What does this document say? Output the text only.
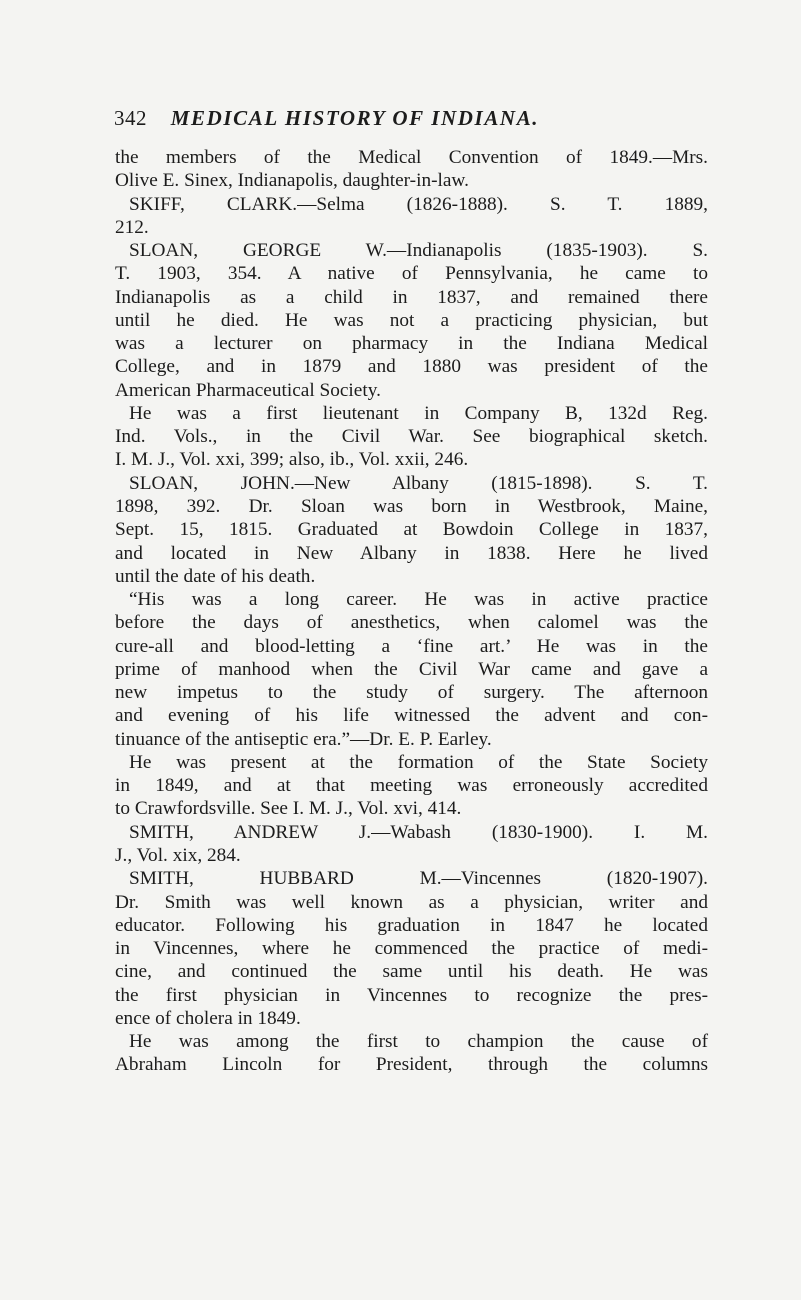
342 MEDICAL HISTORY OF INDIANA.
the members of the Medical Convention of 1849.—Mrs.
Olive E. Sinex, Indianapolis, daughter-in-law.
SKIFF, CLARK.—Selma (1826-1888). S. T. 1889,
212.
SLOAN, GEORGE W.—Indianapolis (1835-1903). S.
T. 1903, 354. A native of Pennsylvania, he came to
Indianapolis as a child in 1837, and remained there
until he died. He was not a practicing physician, but
was a lecturer on pharmacy in the Indiana Medical
College, and in 1879 and 1880 was president of the
American Pharmaceutical Society.
He was a first lieutenant in Company B, 132d Reg.
Ind. Vols., in the Civil War. See biographical sketch.
I. M. J., Vol. xxi, 399; also, ib., Vol. xxii, 246.
SLOAN, JOHN.—New Albany (1815-1898). S. T.
1898, 392. Dr. Sloan was born in Westbrook, Maine,
Sept. 15, 1815. Graduated at Bowdoin College in 1837,
and located in New Albany in 1838. Here he lived
until the date of his death.
“His was a long career. He was in active practice
before the days of anesthetics, when calomel was the
cure-all and blood-letting a ‘fine art.’ He was in the
prime of manhood when the Civil War came and gave a
new impetus to the study of surgery. The afternoon
and evening of his life witnessed the advent and con-
tinuance of the antiseptic era.”—Dr. E. P. Earley.
He was present at the formation of the State Society
in 1849, and at that meeting was erroneously accredited
to Crawfordsville. See I. M. J., Vol. xvi, 414.
SMITH, ANDREW J.—Wabash (1830-1900). I. M.
J., Vol. xix, 284.
SMITH, HUBBARD M.—Vincennes (1820-1907).
Dr. Smith was well known as a physician, writer and
educator. Following his graduation in 1847 he located
in Vincennes, where he commenced the practice of medi-
cine, and continued the same until his death. He was
the first physician in Vincennes to recognize the pres-
ence of cholera in 1849.
He was among the first to champion the cause of
Abraham Lincoln for President, through the columns
